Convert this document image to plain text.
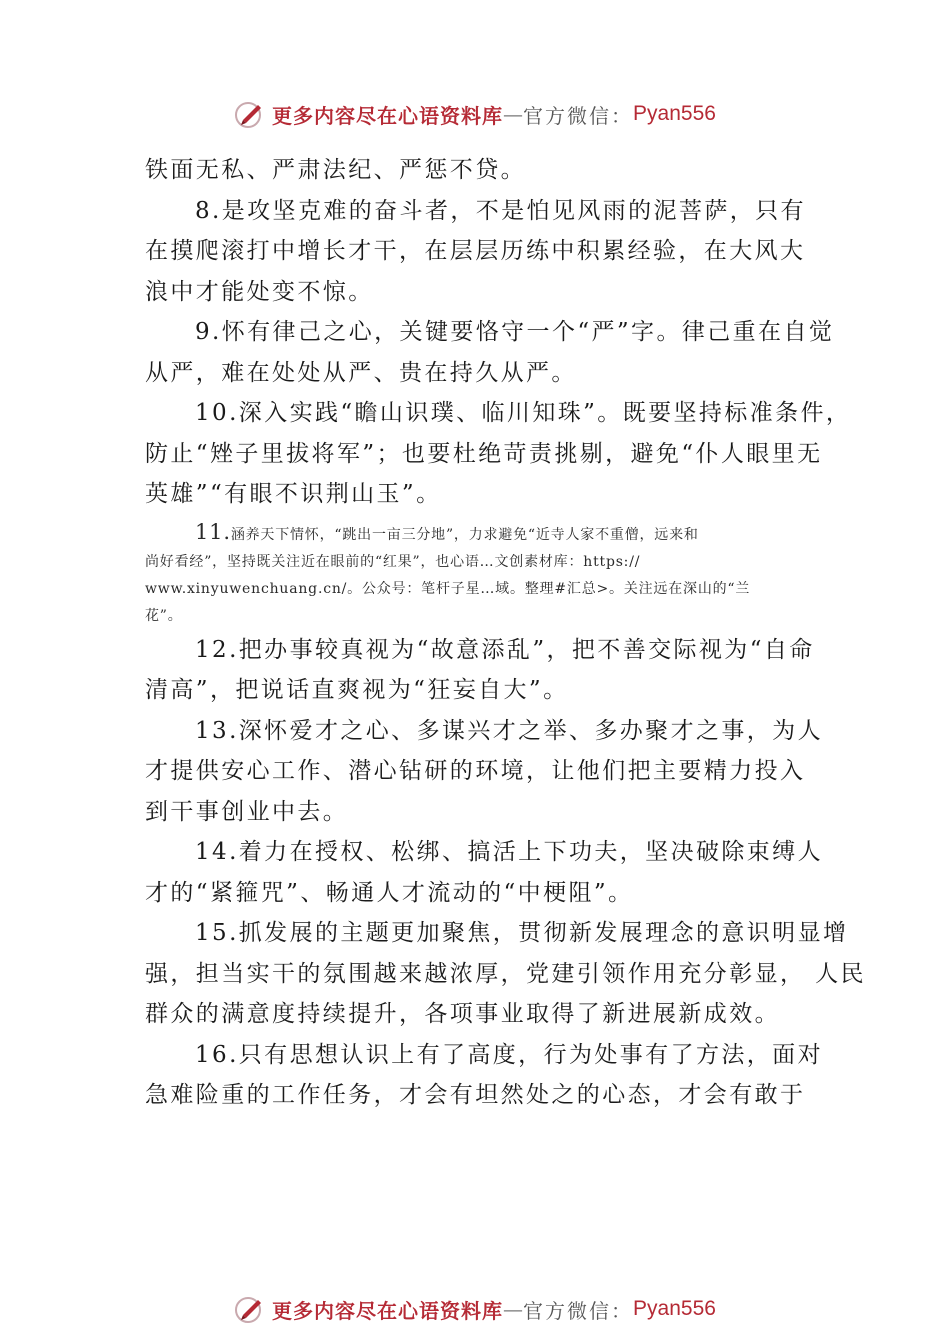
更多内容尽在心语资料库 — 官方微信： Pyan556
铁面无私、严肃法纪、严惩不贷。
8.是攻坚克难的奋斗者，不是怕见风雨的泥菩萨，只有
在摸爬滚打中增长才干，在层层历练中积累经验，在大风大
浪中才能处变不惊。
9.怀有律己之心，关键要恪守一个“严”字。律己重在自觉
从严，难在处处从严、贵在持久从严。
10.深入实践“瞻山识璞、临川知珠”。既要坚持标准条件，
防止“矬子里拔将军”；也要杜绝苛责挑剔，避免“仆人眼里无
英雄”“有眼不识荆山玉”。
11.涵养天下情怀，“跳出一亩三分地”，力求避免“近寺人家不重僧，远来和
尚好看经”，坚持既关注近在眼前的“红果”，也心语…文创素材库：https://
www.xinyuwenchuang.cn/。公众号：笔杆子星…域。整理#汇总>。关注远在深山的“兰
花”。
12.把办事较真视为“故意添乱”，把不善交际视为“自命
清高”，把说话直爽视为“狂妄自大”。
13.深怀爱才之心、多谋兴才之举、多办聚才之事，为人
才提供安心工作、潜心钻研的环境，让他们把主要精力投入
到干事创业中去。
14.着力在授权、松绑、搞活上下功夫，坚决破除束缚人
才的“紧箍咒”、畅通人才流动的“中梗阻”。
15.抓发展的主题更加聚焦，贯彻新发展理念的意识明显增
强，担当实干的氛围越来越浓厚，党建引领作用充分彰显， 人民
群众的满意度持续提升，各项事业取得了新进展新成效。
16.只有思想认识上有了高度，行为处事有了方法，面对
急难险重的工作任务，才会有坦然处之的心态，才会有敢于
更多内容尽在心语资料库 — 官方微信： Pyan556
